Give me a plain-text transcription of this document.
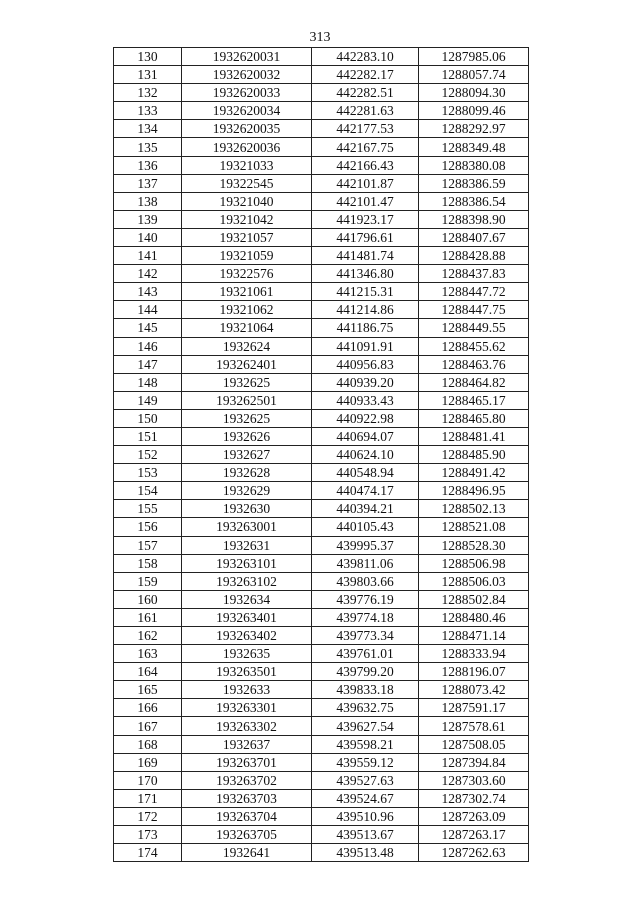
313
130	1932620031	442283.10	1287985.06
131	1932620032	442282.17	1288057.74
132	1932620033	442282.51	1288094.30
133	1932620034	442281.63	1288099.46
134	1932620035	442177.53	1288292.97
135	1932620036	442167.75	1288349.48
136	19321033	442166.43	1288380.08
137	19322545	442101.87	1288386.59
138	19321040	442101.47	1288386.54
139	19321042	441923.17	1288398.90
140	19321057	441796.61	1288407.67
141	19321059	441481.74	1288428.88
142	19322576	441346.80	1288437.83
143	19321061	441215.31	1288447.72
144	19321062	441214.86	1288447.75
145	19321064	441186.75	1288449.55
146	1932624	441091.91	1288455.62
147	193262401	440956.83	1288463.76
148	1932625	440939.20	1288464.82
149	193262501	440933.43	1288465.17
150	1932625	440922.98	1288465.80
151	1932626	440694.07	1288481.41
152	1932627	440624.10	1288485.90
153	1932628	440548.94	1288491.42
154	1932629	440474.17	1288496.95
155	1932630	440394.21	1288502.13
156	193263001	440105.43	1288521.08
157	1932631	439995.37	1288528.30
158	193263101	439811.06	1288506.98
159	193263102	439803.66	1288506.03
160	1932634	439776.19	1288502.84
161	193263401	439774.18	1288480.46
162	193263402	439773.34	1288471.14
163	1932635	439761.01	1288333.94
164	193263501	439799.20	1288196.07
165	1932633	439833.18	1288073.42
166	193263301	439632.75	1287591.17
167	193263302	439627.54	1287578.61
168	1932637	439598.21	1287508.05
169	193263701	439559.12	1287394.84
170	193263702	439527.63	1287303.60
171	193263703	439524.67	1287302.74
172	193263704	439510.96	1287263.09
173	193263705	439513.67	1287263.17
174	1932641	439513.48	1287262.63
